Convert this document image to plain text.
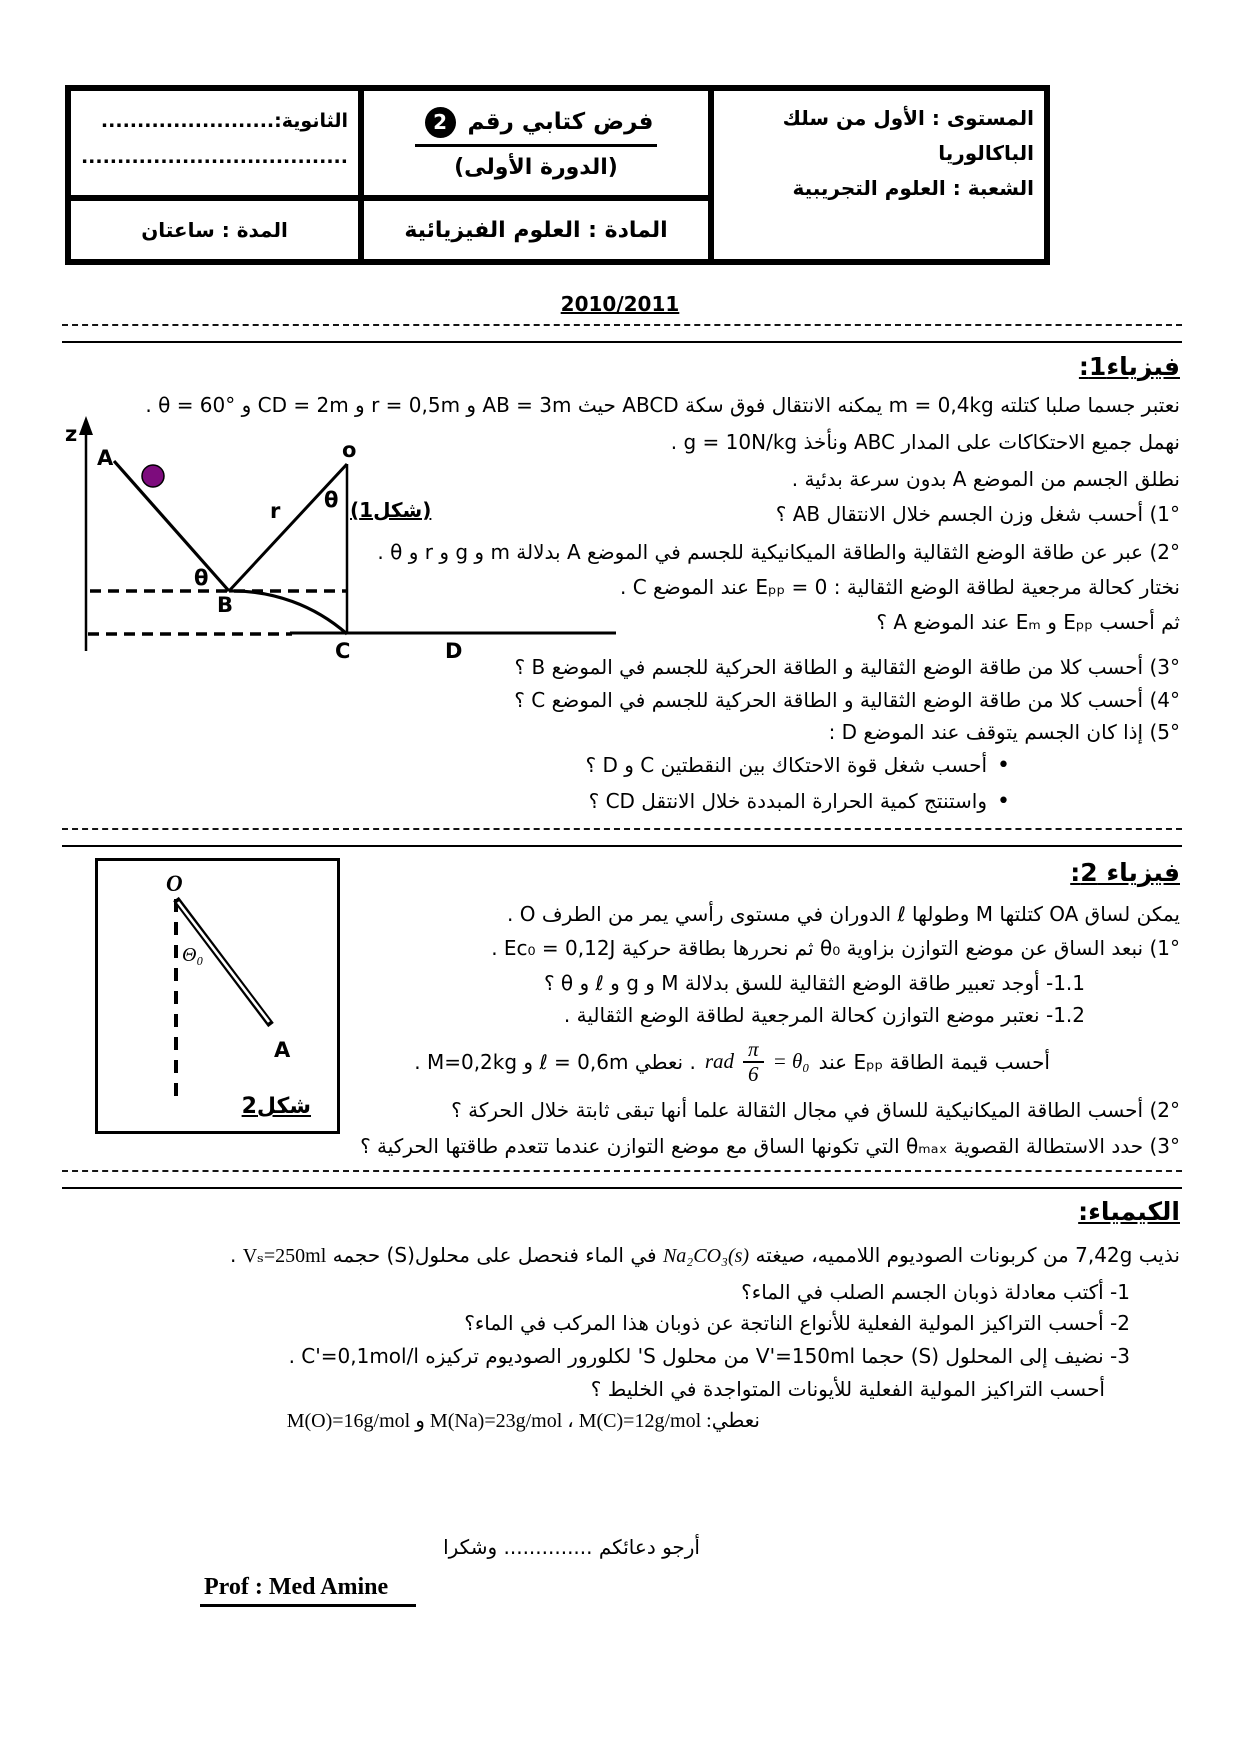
المستوى : الأول من سلك الباكالوريا
الشعبة : العلوم التجريبية
فرض كتابي رقم
2
(الدورة الأولى)
الثانوية:........................
.....................................
المادة : العلوم الفيزيائية
المدة : ساعتان
2010/2011
فيزياء1:
نعتبر جسما صلبا كتلته m = 0,4kg يمكنه الانتقال فوق سكة ABCD حيث AB = 3m و r = 0,5m و CD = 2m و θ = 60° .
نهمل جميع الاحتكاكات على المدار ABC ونأخذ g = 10N/kg .
نطلق الجسم من الموضع A بدون سرعة بدئية .
1°) أحسب شغل وزن الجسم خلال الانتقال AB ؟
2°) عبر عن طاقة الوضع الثقالية والطاقة الميكانيكية للجسم في الموضع A بدلالة m و g و r و θ .
نختار كحالة مرجعية لطاقة الوضع الثقالية : Eₚₚ = 0 عند الموضع C .
ثم أحسب Eₚₚ و Eₘ عند الموضع A ؟
3°) أحسب كلا من طاقة الوضع الثقالية و الطاقة الحركية للجسم في الموضع B ؟
4°) أحسب كلا من طاقة الوضع الثقالية و الطاقة الحركية للجسم في الموضع C ؟
5°) إذا كان الجسم يتوقف عند الموضع D :
•أحسب شغل قوة الاحتكاك بين النقطتين C و D ؟
•واستنتج كمية الحرارة المبددة خلال الانتقل CD ؟
z
A	o
r θ
θ
B
C	D
(شكل1)
فيزياء 2:
يمكن لساق OA كتلتها M وطولها ℓ الدوران في مستوى رأسي يمر من الطرف O .
1°) نبعد الساق عن موضع التوازن بزاوية θ₀ ثم نحررها بطاقة حركية Ec₀ = 0,12J .
1.1- أوجد تعبير طاقة الوضع الثقالية للسق بدلالة M و g و ℓ و θ ؟
1.2- نعتبر موضع التوازن كحالة المرجعية لطاقة الوضع الثقالية .
أحسب قيمة الطاقة Eₚₚ عند
θ₀ =
$\frac{\pi}{6}$
rad
. نعطي ℓ = 0,6m و M=0,2kg .
2°) أحسب الطاقة الميكانيكية للساق في مجال الثقالة علما أنها تبقى ثابتة خلال الحركة ؟
3°) حدد الاستطالة القصوية θₘₐₓ التي تكونها الساق مع موضع التوازن عندما تتعدم طاقتها الحركية ؟
O
Θ₀
A
شكل2
الكيمياء:
نذيب 7,42g من كربونات الصوديوم اللامميه، صيغته Na₂CO₃(s) في الماء فنحصل على محلول(S) حجمه Vₛ=250ml .
1- أكتب معادلة ذوبان الجسم الصلب في الماء؟
2- أحسب التراكيز المولية الفعلية للأنواع الناتجة عن ذوبان هذا المركب في الماء؟
3- نضيف إلى المحلول (S) حجما V'=150ml من محلول S' لكلورور الصوديوم تركيزه C'=0,1mol/l .
أحسب التراكيز المولية الفعلية للأيونات المتواجدة في الخليط ؟
نعطي: M(Na)=23g/mol ، M(C)=12g/mol و M(O)=16g/mol
أرجو دعائكم .............. وشكرا
Prof : Med Amine
